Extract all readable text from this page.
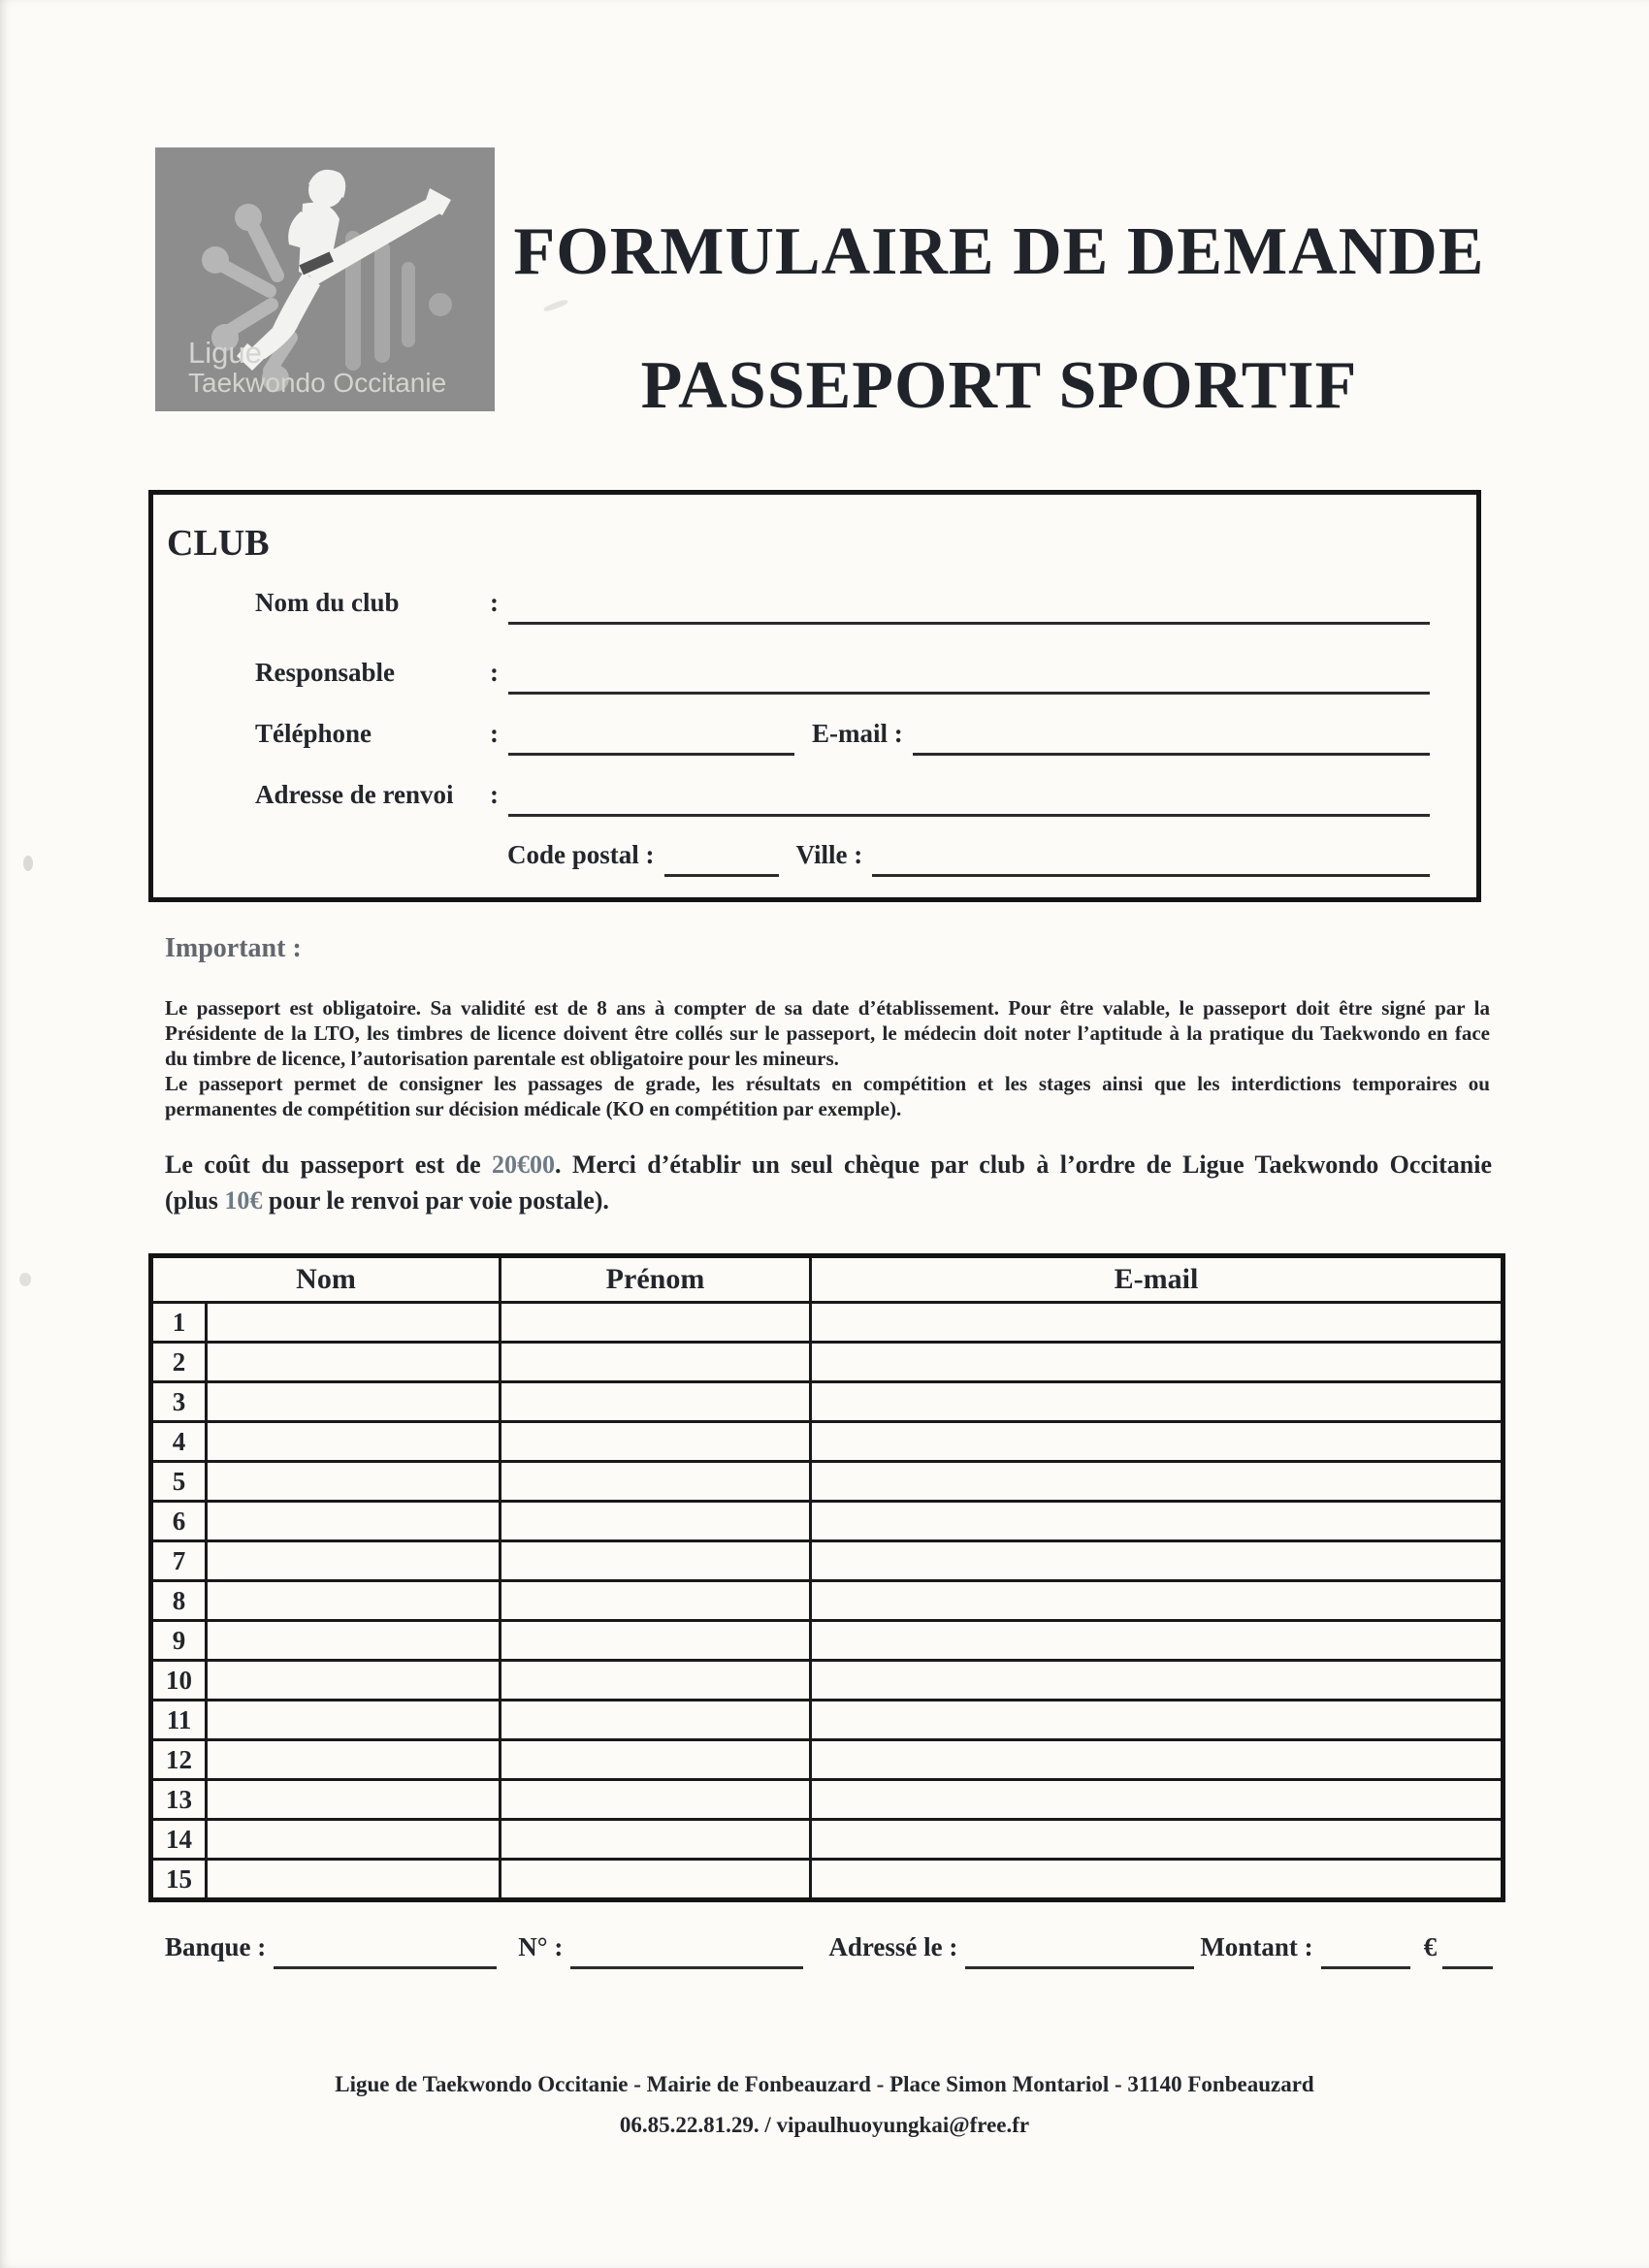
Ligue
Taekwondo Occitanie
FORMULAIRE DE DEMANDE
PASSEPORT SPORTIF
CLUB
Nom du club	:
Responsable	:
Téléphone	:	E-mail :
Adresse de renvoi	:
Code postal :	Ville :
Important :
Le passeport est obligatoire. Sa validité est de 8 ans à compter de sa date d’établissement. Pour être valable, le passeport doit être signé par la
Présidente de la LTO, les timbres de licence doivent être collés sur le passeport, le médecin doit noter l’aptitude à la pratique du Taekwondo en face
du timbre de licence, l’autorisation parentale est obligatoire pour les mineurs.
Le passeport permet de consigner les passages de grade, les résultats en compétition et les stages ainsi que les interdictions temporaires ou
permanentes de compétition sur décision médicale (KO en compétition par exemple).
Le coût du passeport est de 20€00. Merci d’établir un seul chèque par club à l’ordre de Ligue Taekwondo Occitanie
(plus 10€ pour le renvoi par voie postale).
Nom		Prénom	E-mail
1			
2			
3			
4			
5			
6			
7			
8			
9			
10			
11			
12			
13			
14			
15			
Banque :	N° :	Adressé le :	Montant :	€
Ligue de Taekwondo Occitanie - Mairie de Fonbeauzard - Place Simon Montariol - 31140 Fonbeauzard
06.85.22.81.29. / vipaulhuoyungkai@free.fr
